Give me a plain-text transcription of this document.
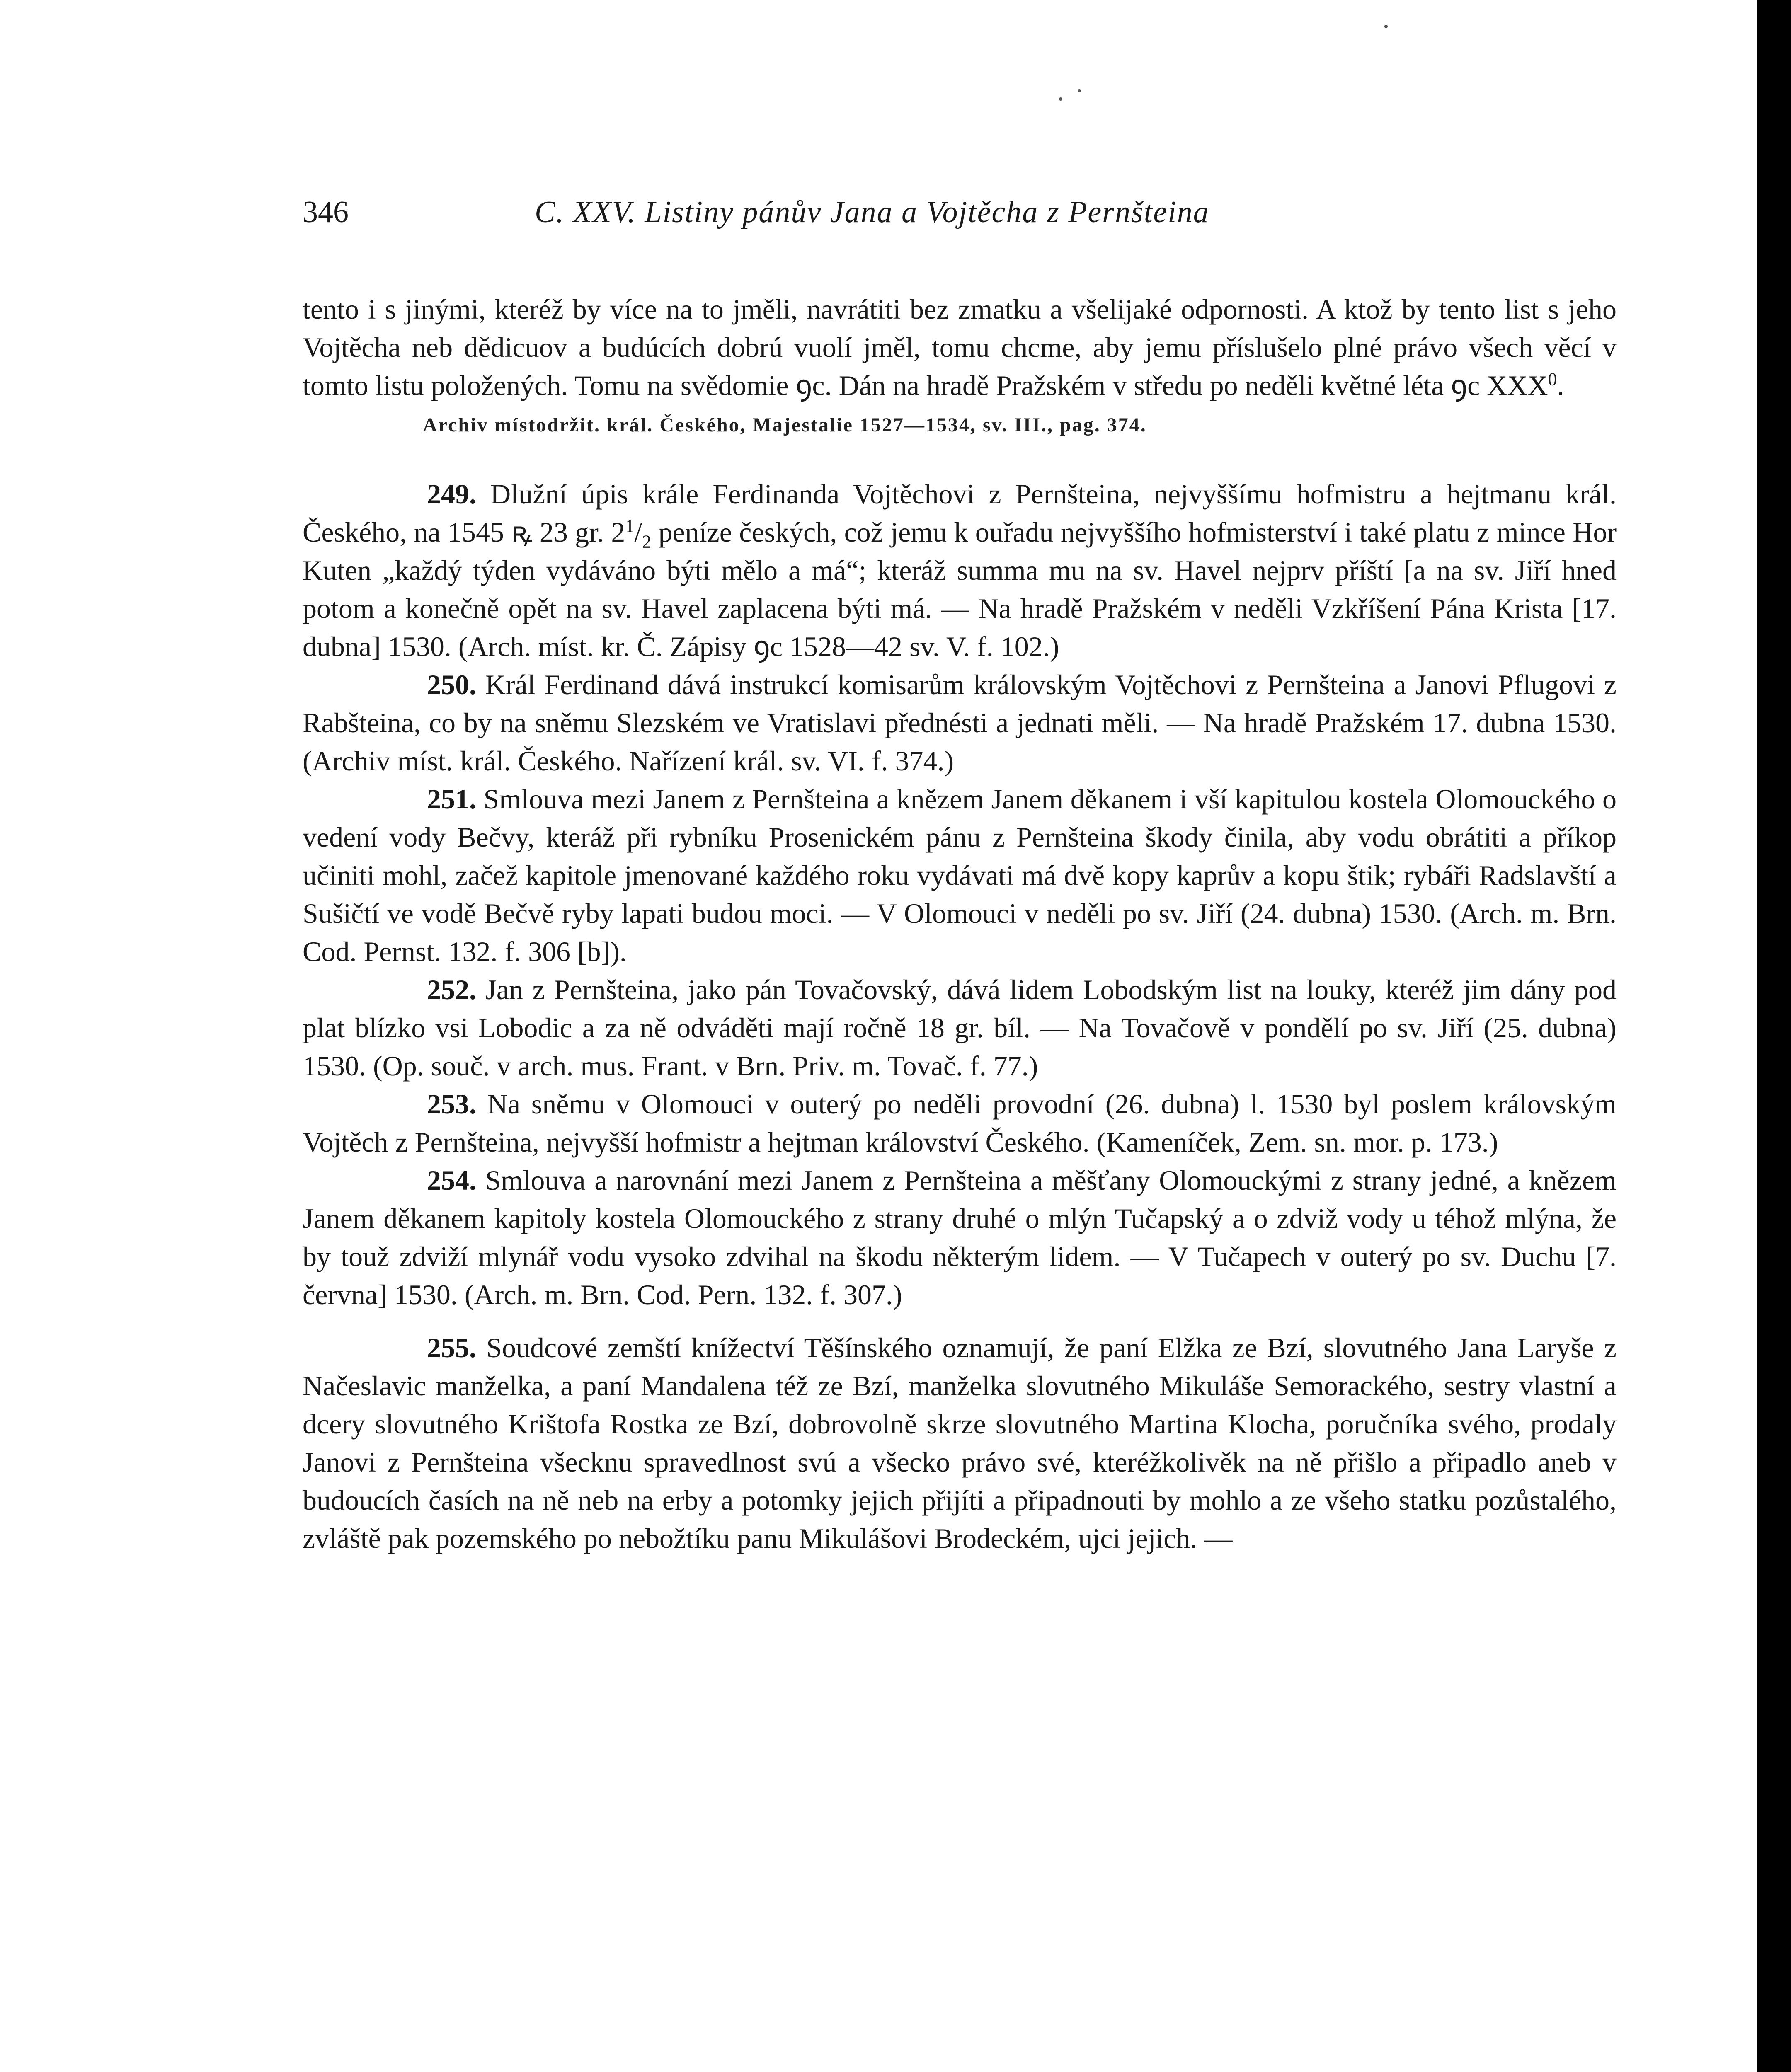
346	C. XXV. Listiny pánův Jana a Vojtěcha z Pernšteina

tento i s jinými, kteréž by více na to jměli, navrátiti bez zmatku a všelijaké odpornosti. A ktož by tento list s jeho Vojtěcha neb dědicuov a budúcích dobrú vuolí jměl, tomu chcme, aby jemu příslušelo plné právo všech věcí v tomto listu položených. Tomu na svědomie ꝯc. Dán na hradě Pražském v středu po neděli květné léta ꝯc XXX$^0$.

Archiv místodržit. král. Českého, Majestalie 1527—1534, sv. III., pag. 374.

249. Dlužní úpis krále Ferdinanda Vojtěchovi z Pernšteina, nejvyššímu hofmistru a hejtmanu král. Českého, na 1545 ꝶ 23 gr. $2^1/_2$ peníze českých, což jemu k ouřadu nejvyššího hofmisterství i také platu z mince Hor Kuten „každý týden vydáváno býti mělo a má“; kteráž summa mu na sv. Havel nejprv příští [a na sv. Jiří hned potom a konečně opět na sv. Havel zaplacena býti má. — Na hradě Pražském v neděli Vzkříšení Pána Krista [17. dubna] 1530. (Arch. míst. kr. Č. Zápisy ꝯc 1528—42 sv. V. f. 102.)

250. Král Ferdinand dává instrukcí komisarům královským Vojtěchovi z Pernšteina a Janovi Pflugovi z Rabšteina, co by na sněmu Slezském ve Vratislavi přednésti a jednati měli. — Na hradě Pražském 17. dubna 1530. (Archiv míst. král. Českého. Nařízení král. sv. VI. f. 374.)

251. Smlouva mezi Janem z Pernšteina a knězem Janem děkanem i vší kapitulou kostela Olomouckého o vedení vody Bečvy, kteráž při rybníku Prosenickém pánu z Pernšteina škody činila, aby vodu obrátiti a příkop učiniti mohl, začež kapitole jmenované každého roku vydávati má dvě kopy kaprův a kopu štik; rybáři Radslavští a Sušičtí ve vodě Bečvě ryby lapati budou moci. — V Olomouci v neděli po sv. Jiří (24. dubna) 1530. (Arch. m. Brn. Cod. Pernst. 132. f. 306 [b]).

252. Jan z Pernšteina, jako pán Tovačovský, dává lidem Lobodským list na louky, kteréž jim dány pod plat blízko vsi Lobodic a za ně odváděti mají ročně 18 gr. bíl. — Na Tovačově v pondělí po sv. Jiří (25. dubna) 1530. (Op. souč. v arch. mus. Frant. v Brn. Priv. m. Tovač. f. 77.)

253. Na sněmu v Olomouci v outerý po neděli provodní (26. dubna) l. 1530 byl poslem královským Vojtěch z Pernšteina, nejvyšší hofmistr a hejtman království Českého. (Kameníček, Zem. sn. mor. p. 173.)

254. Smlouva a narovnání mezi Janem z Pernšteina a měšťany Olomouckými z strany jedné, a knězem Janem děkanem kapitoly kostela Olomouckého z strany druhé o mlýn Tučapský a o zdviž vody u téhož mlýna, že by touž zdviží mlynář vodu vysoko zdvihal na škodu některým lidem. — V Tučapech v outerý po sv. Duchu [7. června] 1530. (Arch. m. Brn. Cod. Pern. 132. f. 307.)

255. Soudcové zemští knížectví Těšínského oznamují, že paní Elžka ze Bzí, slovutného Jana Laryše z Načeslavic manželka, a paní Mandalena též ze Bzí, manželka slovutného Mikuláše Semorackého, sestry vlastní a dcery slovutného Krištofa Rostka ze Bzí, dobrovolně skrze slovutného Martina Klocha, poručníka svého, prodaly Janovi z Pernšteina všecknu spravedlnost svú a všecko právo své, kteréžkolivěk na ně přišlo a připadlo aneb v budoucích časích na ně neb na erby a potomky jejich přijíti a připadnouti by mohlo a ze všeho statku pozůstalého, zvláště pak pozemského po nebožtíku panu Mikulášovi Brodeckém, ujci jejich. —
